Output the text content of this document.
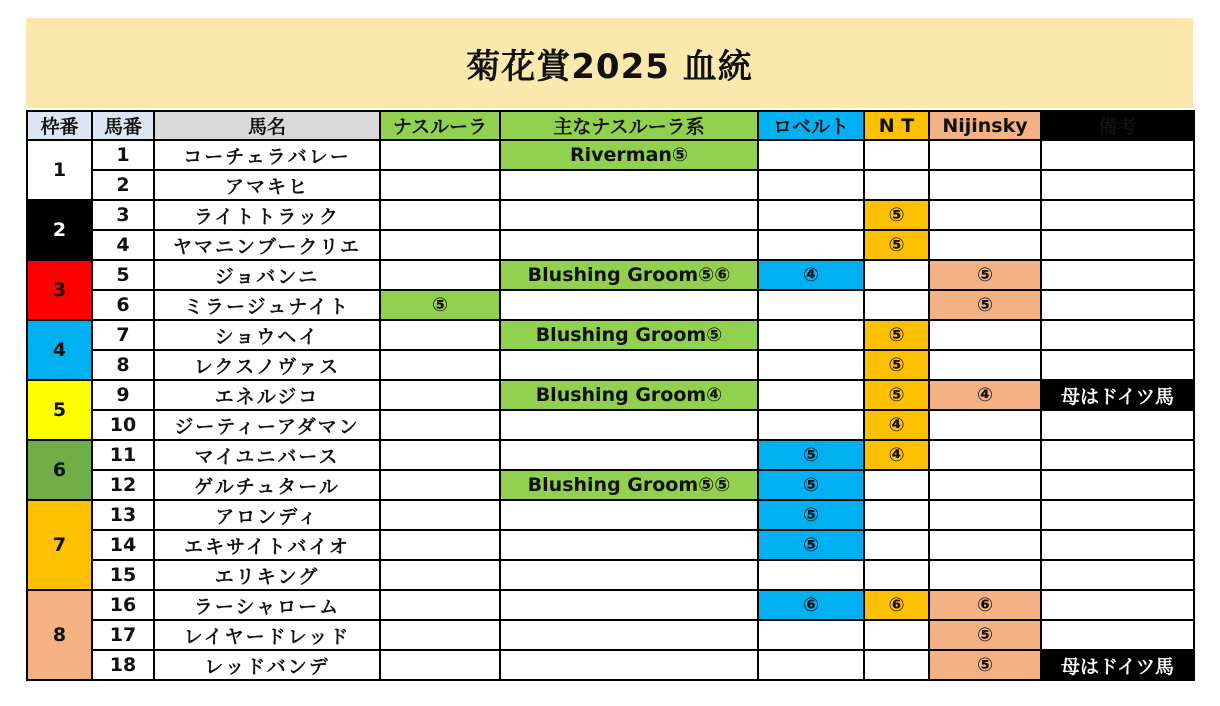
菊花賞2025 血統
枠番	馬番	馬名	ナスルーラ	主なナスルーラ系	ロベルト	N T	Nijinsky	備考
1	1	コーチェラバレー		Riverman⑤				
	2	アマキヒ						
2	3	ライトトラック				⑤		
	4	ヤマニンブークリエ				⑤		
3	5	ジョバンニ		Blushing Groom⑤⑥	④		⑤	
	6	ミラージュナイト	⑤				⑤	
4	7	ショウヘイ		Blushing Groom⑤		⑤		
	8	レクスノヴァス				⑤		
5	9	エネルジコ		Blushing Groom④		⑤	④	母はドイツ馬
	10	ジーティーアダマン				④		
6	11	マイユニバース			⑤	④		
	12	ゲルチュタール		Blushing Groom⑤⑤	⑤			
7	13	アロンディ			⑤			
	14	エキサイトバイオ			⑤			
	15	エリキング						
8	16	ラーシャローム			⑥	⑥	⑥	
	17	レイヤードレッド					⑤	
	18	レッドバンデ					⑤	母はドイツ馬
